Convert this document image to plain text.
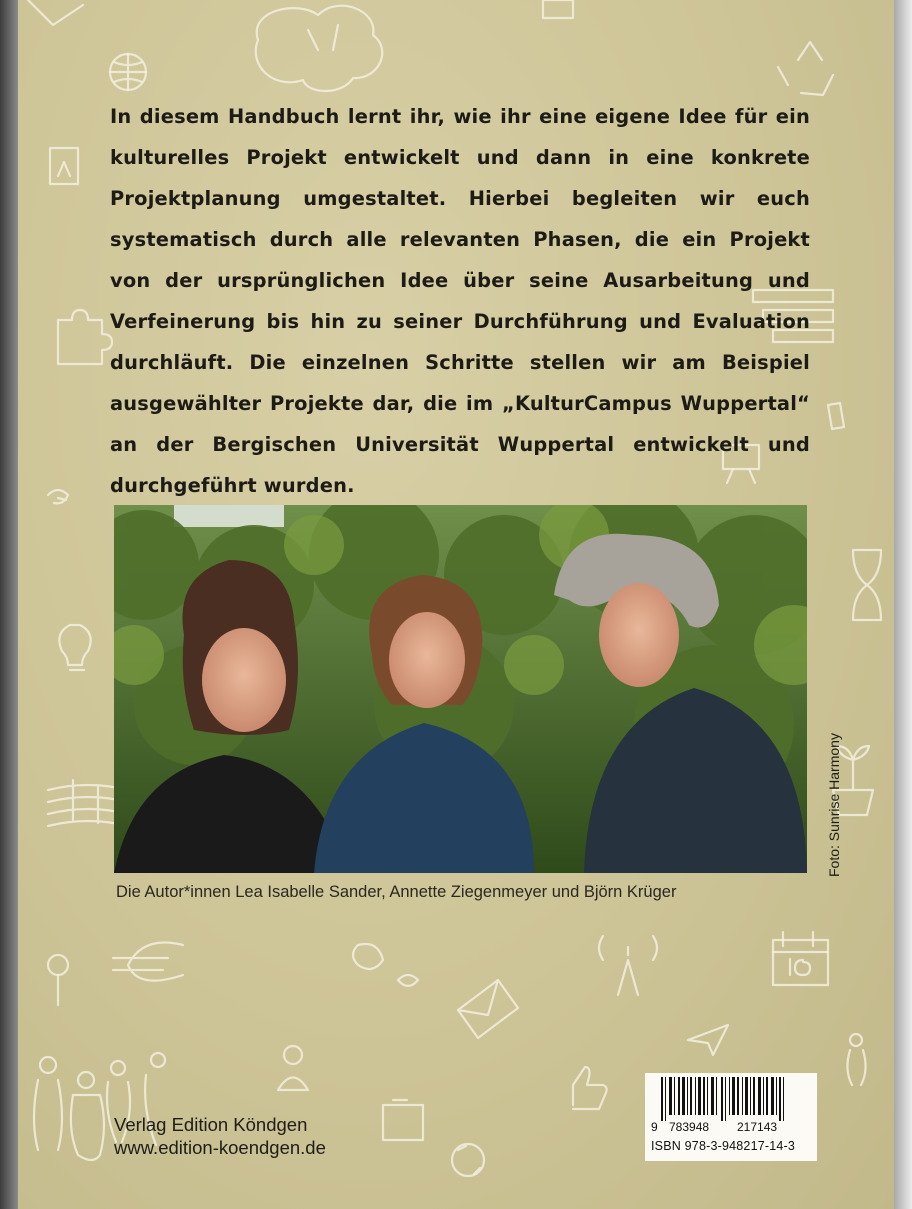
In diesem Handbuch lernt ihr, wie ihr eine eigene Idee für ein kulturelles Projekt entwickelt und dann in eine konkrete Projektplanung umgestaltet. Hierbei begleiten wir euch systematisch durch alle relevanten Phasen, die ein Projekt von der ursprünglichen Idee über seine Ausarbeitung und Verfeinerung bis hin zu seiner Durchführung und Evaluation durchläuft. Die einzelnen Schritte stellen wir am Beispiel ausgewählter Projekte dar, die im „KulturCampus Wuppertal“ an der Bergischen Universität Wuppertal entwickelt und durchgeführt wurden.

Die Autor*innen Lea Isabelle Sander, Annette Ziegenmeyer und Björn Krüger
Foto: Sunrise Harmony
Verlag Edition Köndgen
www.edition-koendgen.de
9 783948 217143
ISBN 978-3-948217-14-3
